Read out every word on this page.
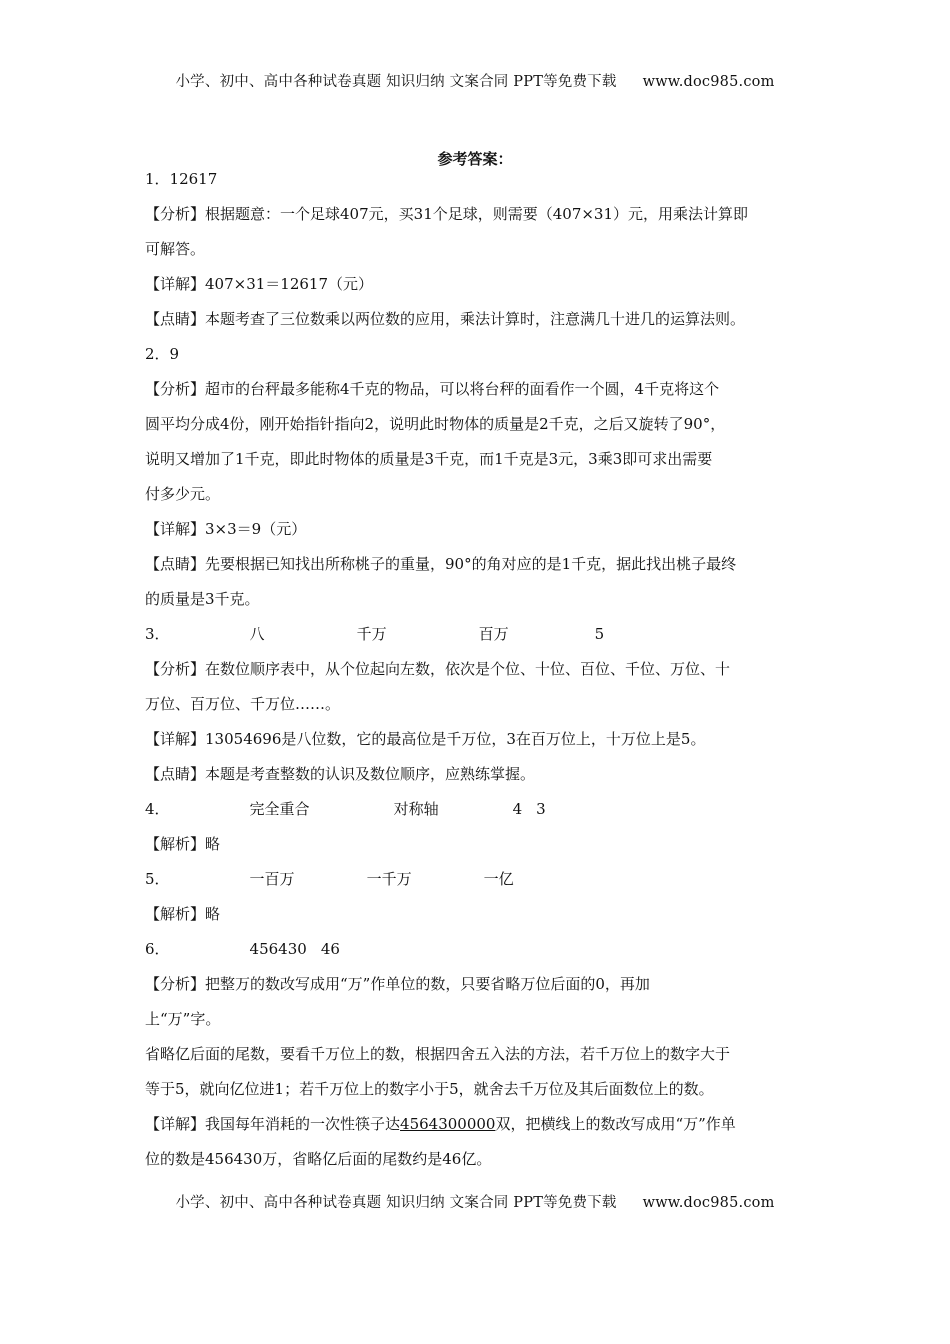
小学、初中、高中各种试卷真题 知识归纳 文案合同 PPT等免费下载 www.doc985.com
参考答案：
1．12617
【分析】根据题意：一个足球407元，买31个足球，则需要（407×31）元，用乘法计算即
可解答。
【详解】407×31＝12617（元）
【点睛】本题考查了三位数乘以两位数的应用，乘法计算时，注意满几十进几的运算法则。
2．9
【分析】超市的台秤最多能称4千克的物品，可以将台秤的面看作一个圆，4千克将这个
圆平均分成4份，刚开始指针指向2，说明此时物体的质量是2千克，之后又旋转了90°，
说明又增加了1千克，即此时物体的质量是3千克，而1千克是3元，3乘3即可求出需要
付多少元。
【详解】3×3＝9（元）
【点睛】先要根据已知找出所称桃子的重量，90°的角对应的是1千克，据此找出桃子最终
的质量是3千克。
3．	八	千万	百万	5
【分析】在数位顺序表中，从个位起向左数，依次是个位、十位、百位、千位、万位、十
万位、百万位、千万位……。
【详解】13054696是八位数，它的最高位是千万位，3在百万位上，十万位上是5。
【点睛】本题是考查整数的认识及数位顺序，应熟练掌握。
4．	完全重合	对称轴	4 3
【解析】略
5．	一百万	一千万	一亿
【解析】略
6．	456430 46
【分析】把整万的数改写成用“万”作单位的数，只要省略万位后面的0，再加
上“万”字。
省略亿后面的尾数，要看千万位上的数，根据四舍五入法的方法，若千万位上的数字大于
等于5，就向亿位进1；若千万位上的数字小于5，就舍去千万位及其后面数位上的数。
【详解】我国每年消耗的一次性筷子达4564300000双，把横线上的数改写成用“万”作单
位的数是456430万，省略亿后面的尾数约是46亿。
小学、初中、高中各种试卷真题 知识归纳 文案合同 PPT等免费下载 www.doc985.com
